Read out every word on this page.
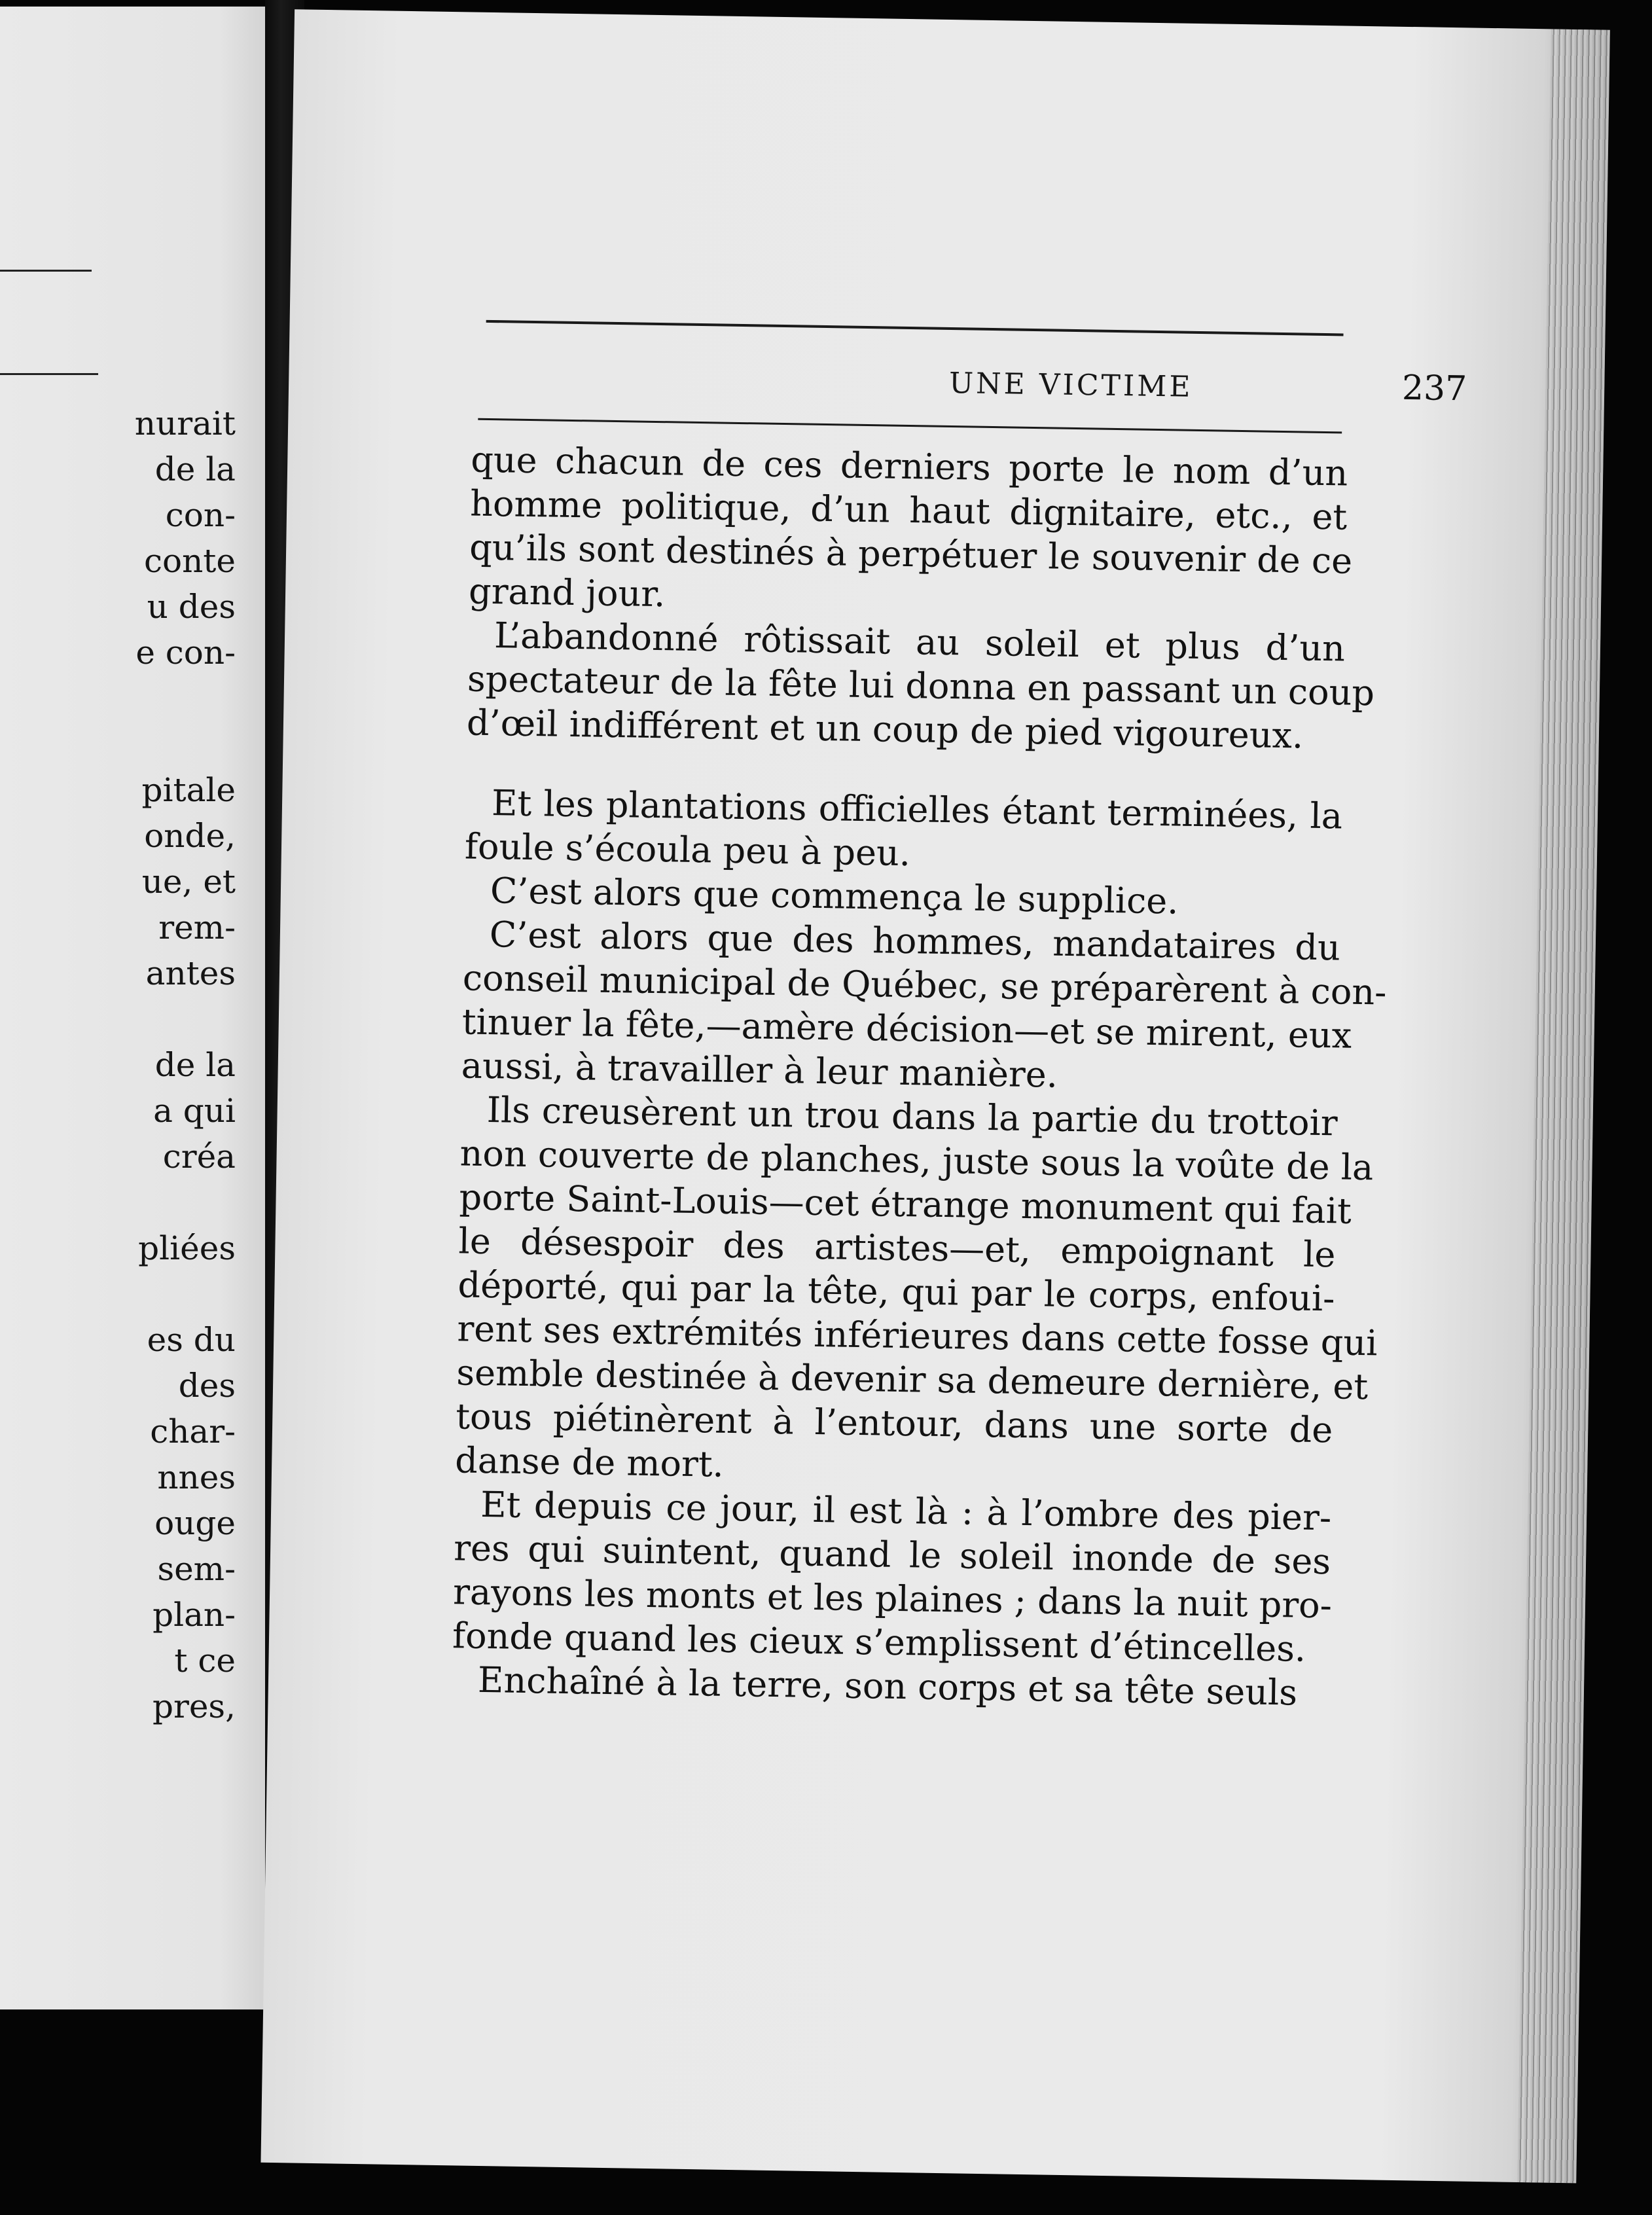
nurait
de la
con-
conte
u des
e con-
pitale
onde,
ue, et
rem-
antes
de la
a qui
créa
pliées
es du
des
char-
nnes
ouge
sem-
plan-
t ce
pres,
UNE VICTIME	237
que chacun de ces derniers porte le nom d’un
homme politique, d’un haut dignitaire, etc., et
qu’ils sont destinés à perpétuer le souvenir de ce
grand jour.
L’abandonné rôtissait au soleil et plus d’un
spectateur de la fête lui donna en passant un coup
d’œil indifférent et un coup de pied vigoureux.
Et les plantations officielles étant terminées, la
foule s’écoula peu à peu.
C’est alors que commença le supplice.
C’est alors que des hommes, mandataires du
conseil municipal de Québec, se préparèrent à con-
tinuer la fête,—amère décision—et se mirent, eux
aussi, à travailler à leur manière.
Ils creusèrent un trou dans la partie du trottoir
non couverte de planches, juste sous la voûte de la
porte Saint-Louis—cet étrange monument qui fait
le désespoir des artistes—et, empoignant le
déporté, qui par la tête, qui par le corps, enfoui-
rent ses extrémités inférieures dans cette fosse qui
semble destinée à devenir sa demeure dernière, et
tous piétinèrent à l’entour, dans une sorte de
danse de mort.
Et depuis ce jour, il est là : à l’ombre des pier-
res qui suintent, quand le soleil inonde de ses
rayons les monts et les plaines ; dans la nuit pro-
fonde quand les cieux s’emplissent d’étincelles.
Enchaîné à la terre, son corps et sa tête seuls
